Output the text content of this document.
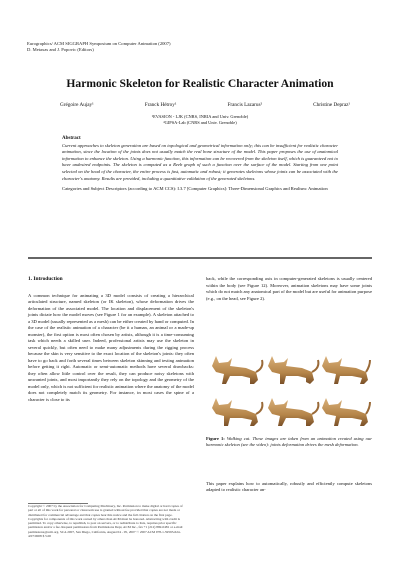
Eurographics/ ACM SIGGRAPH Symposium on Computer Animation (2007)
D. Metaxas and J. Popovic (Editors)
Harmonic Skeleton for Realistic Character Animation
Grégoire Aujay¹	Franck Hétroy¹	Francis Lazarus²	Christine Depraz¹
¹EVASION - LJK (CNRS, INRIA and Univ. Grenoble)
²GIPSA-Lab (CNRS and Univ. Grenoble)
Abstract
Current approaches to skeleton generation are based on topological and geometrical information only; this can be insufficient for realistic character animation, since the location of the joints does not usually match the real bone structure of the model. This paper proposes the use of anatomical information to enhance the skeleton. Using a harmonic function, this information can be recovered from the skeleton itself, which is guaranteed not to have undesired endpoints. The skeleton is computed as a Reeb graph of such a function over the surface of the model. Starting from one point selected on the head of the character, the entire process is fast, automatic and robust; it generates skeletons whose joints can be associated with the character's anatomy. Results are provided, including a quantitative validation of the generated skeletons.
Categories and Subject Descriptors (according to ACM CCS): I.3.7 [Computer Graphics]: Three-Dimensional Graphics and Realism: Animation
1. Introduction

A common technique for animating a 3D model consists of creating a hierarchical articulated structure, named skeleton (or IK skeleton), whose deformation drives the deformation of the associated model. The location and displacement of the skeleton's joints dictate how the model moves (see Figure 1 for an example). A skeleton attached to a 3D model (usually represented as a mesh) can be either created by hand or computed. In the case of the realistic animation of a character (be it a human, an animal or a made-up monster), the first option is most often chosen by artists, although it is a time-consuming task which needs a skilled user. Indeed, professional artists may use the skeleton in several quickly, but often need to make many adjustments during the rigging process because the skin is very sensitive to the exact location of the skeleton's joints: they often have to go back and forth several times between skeleton skinning and testing animation before getting it right. Automatic or semi-automatic methods have several drawbacks: they often allow little control over the result, they can produce noisy skeletons with unwanted joints, and most importantly they rely on the topology and the geometry of the model only, which is not sufficient for realistic animation where the anatomy of the model does not completely match its geometry. For instance, in most cases the spine of a character is close to its

Copyright © 2007 by the Association for Computing Machinery, Inc. Permission to make digital or hard copies of part or all of this work for personal or classroom use is granted without fee provided that copies are not made or distributed for commercial advantage and that copies bear this notice and the full citation on the first page. Copyrights for components of this work owned by others than ACM must be honored. Abstracting with credit is permitted. To copy otherwise, to republish, to post on servers, or to redistribute to lists, requires prior specific permission and/or a fee. Request permissions from Permissions Dept, ACM Inc., fax +1 (212) 869-0481 or e-mail permissions@acm.org. SCA 2007, San Diego, California, August 04 - 05, 2007 © 2007 ACM 978-1-59593-624-4/07/0008 $ 5.00

back, while the corresponding axis in computer-generated skeletons is usually centered within the body (see Figure 12). Moreover, animation skeletons may have some joints which do not match any anatomical part of the model but are useful for animation purpose (e.g., on the head, see Figure 2).

Figure 1: Walking cat. These images are taken from an animation created using our harmonic skeleton (see the video): joints deformation drives the mesh deformation.
This paper explains how to automatically, robustly and efficiently compute skeletons adapted to realistic character an-
